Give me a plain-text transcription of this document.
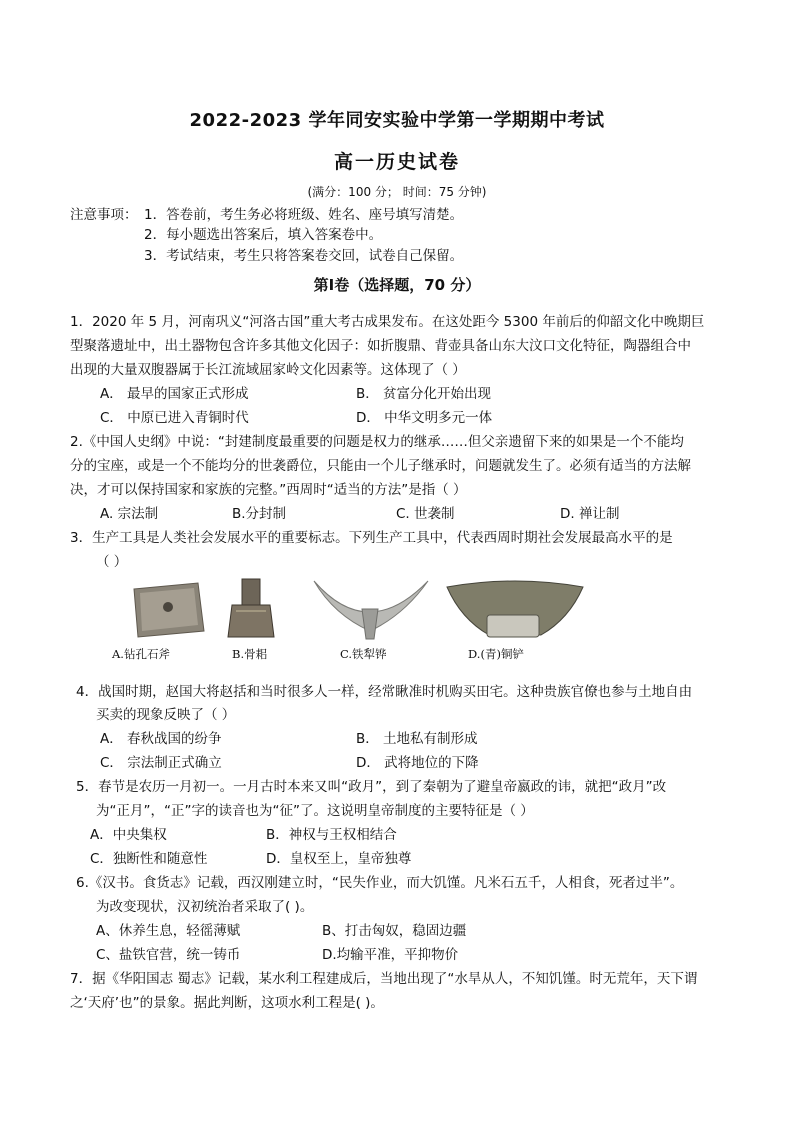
2022-2023 学年同安实验中学第一学期期中考试
高一历史试卷
(满分：100 分； 时间：75 分钟)
注意事项： 1．答卷前，考生务必将班级、姓名、座号填写清楚。
2．每小题选出答案后，填入答案卷中。
3．考试结束，考生只将答案卷交回，试卷自己保留。
第Ⅰ卷（选择题，70 分）
1．2020 年 5 月，河南巩义“河洛古国”重大考古成果发布。在这处距今 5300 年前后的仰韶文化中晚期巨
型聚落遗址中，出土器物包含许多其他文化因子：如折腹鼎、背壶具备山东大汶口文化特征，陶器组合中
出现的大量双腹器属于长江流域屈家岭文化因素等。这体现了（ ）
A． 最早的国家正式形成	B． 贫富分化开始出现
C． 中原已进入青铜时代	D． 中华文明多元一体
2.《中国人史纲》中说：“封建制度最重要的问题是权力的继承……但父亲遗留下来的如果是一个不能均
分的宝座，或是一个不能均分的世袭爵位，只能由一个儿子继承时，问题就发生了。必须有适当的方法解
决，才可以保持国家和家族的完整。”西周时“适当的方法”是指（ ）
A. 宗法制	B.分封制	C. 世袭制	D. 禅让制
3．生产工具是人类社会发展水平的重要标志。下列生产工具中，代表西周时期社会发展最高水平的是
（ ）
A.钻孔石斧	B.骨耜	C.铁犁铧	D.(青)铜铲
4．战国时期，赵国大将赵括和当时很多人一样，经常瞅准时机购买田宅。这种贵族官僚也参与土地自由
买卖的现象反映了（ ）
A． 春秋战国的纷争	B． 土地私有制形成
C． 宗法制正式确立	D． 武将地位的下降
5．春节是农历一月初一。一月古时本来又叫“政月”，到了秦朝为了避皇帝嬴政的讳，就把“政月”改
为“正月”，“正”字的读音也为“征”了。这说明皇帝制度的主要特征是（ ）
A．中央集权	B．神权与王权相结合
C．独断性和随意性	D．皇权至上，皇帝独尊
6.《汉书。食货志》记载，西汉刚建立时，“民失作业，而大饥馑。凡米石五千，人相食，死者过半”。
为改变现状，汉初统治者采取了( )。
A、休养生息，轻徭薄赋	B、打击匈奴，稳固边疆
C、盐铁官营，统一铸币	D.均输平准，平抑物价
7．据《华阳国志 蜀志》记载，某水利工程建成后，当地出现了“水旱从人，不知饥馑。时无荒年，天下谓
之‘天府’也”的景象。据此判断，这项水利工程是( )。
